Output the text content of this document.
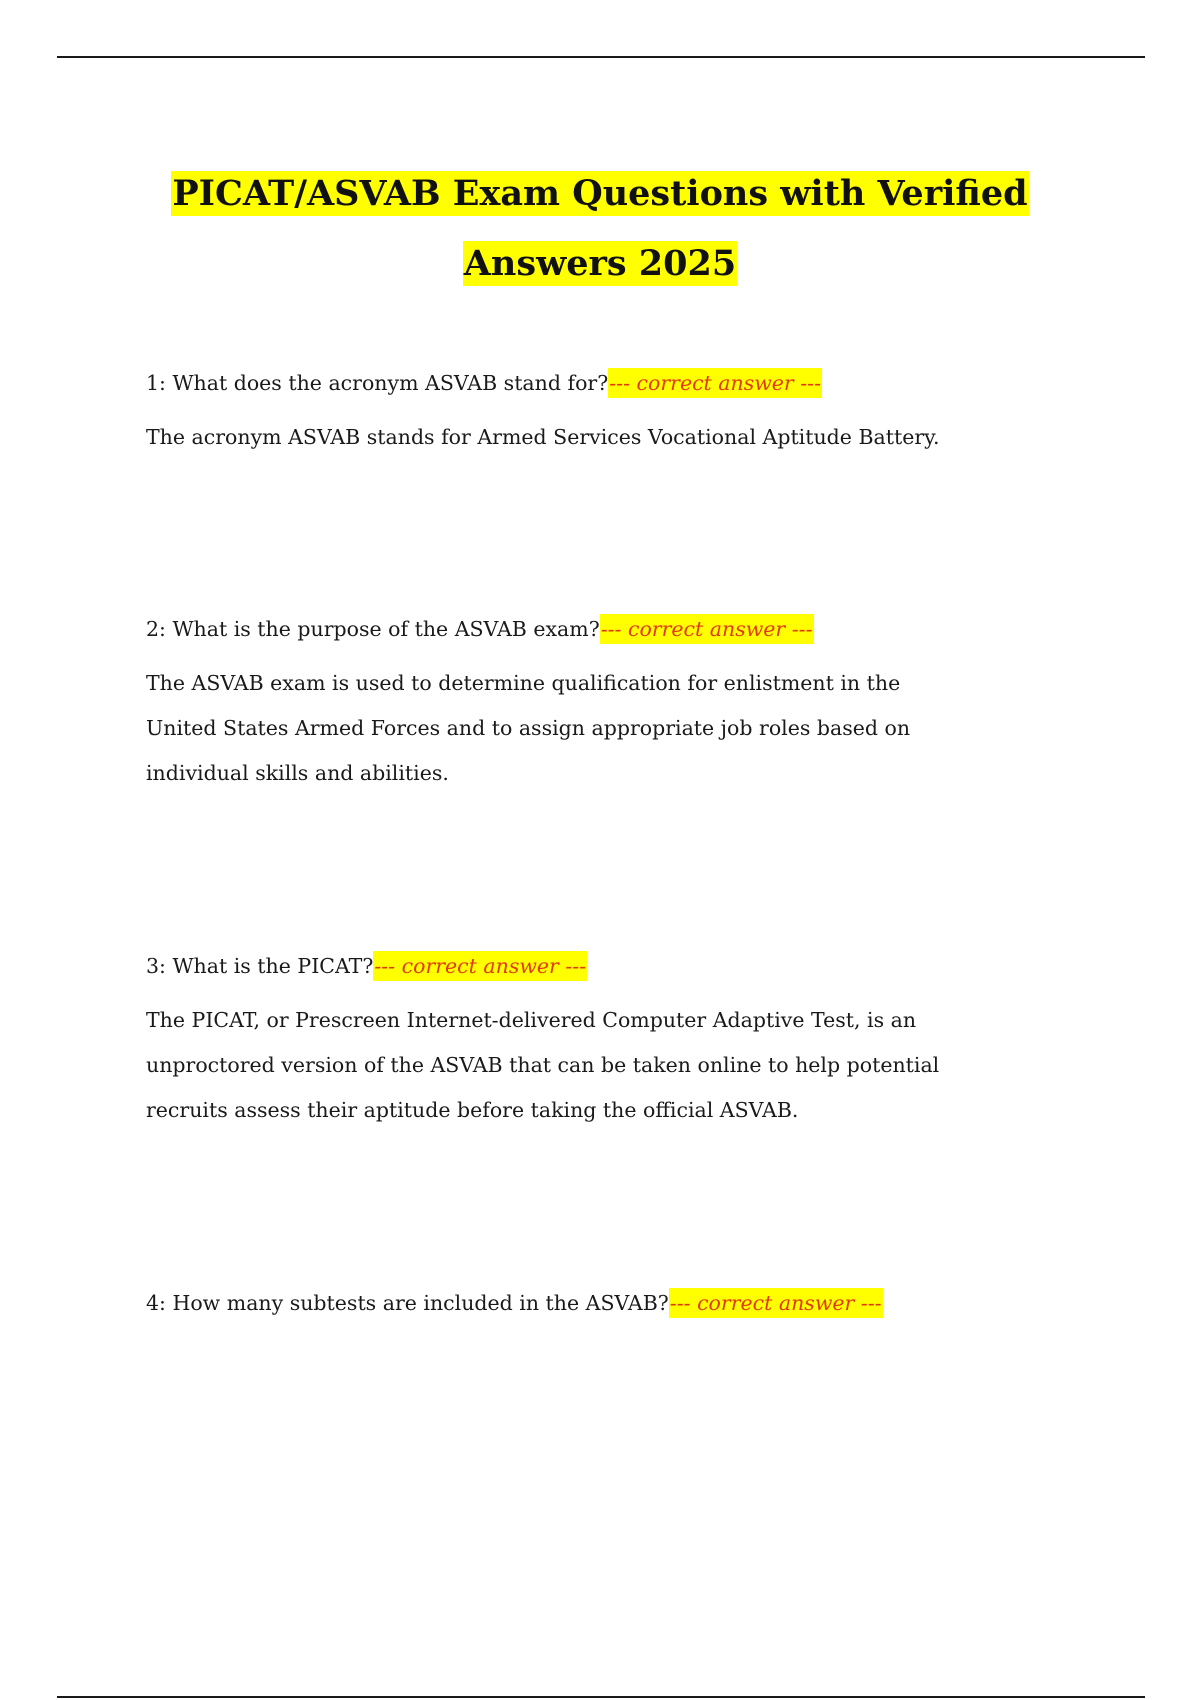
PICAT/ASVAB Exam Questions with Verified
Answers 2025

1: What does the acronym ASVAB stand for?--- correct answer ---

The acronym ASVAB stands for Armed Services Vocational Aptitude Battery.

2: What is the purpose of the ASVAB exam?--- correct answer ---

The ASVAB exam is used to determine qualification for enlistment in the
United States Armed Forces and to assign appropriate job roles based on
individual skills and abilities.

3: What is the PICAT?--- correct answer ---

The PICAT, or Prescreen Internet-delivered Computer Adaptive Test, is an
unproctored version of the ASVAB that can be taken online to help potential
recruits assess their aptitude before taking the official ASVAB.

4: How many subtests are included in the ASVAB?--- correct answer ---
